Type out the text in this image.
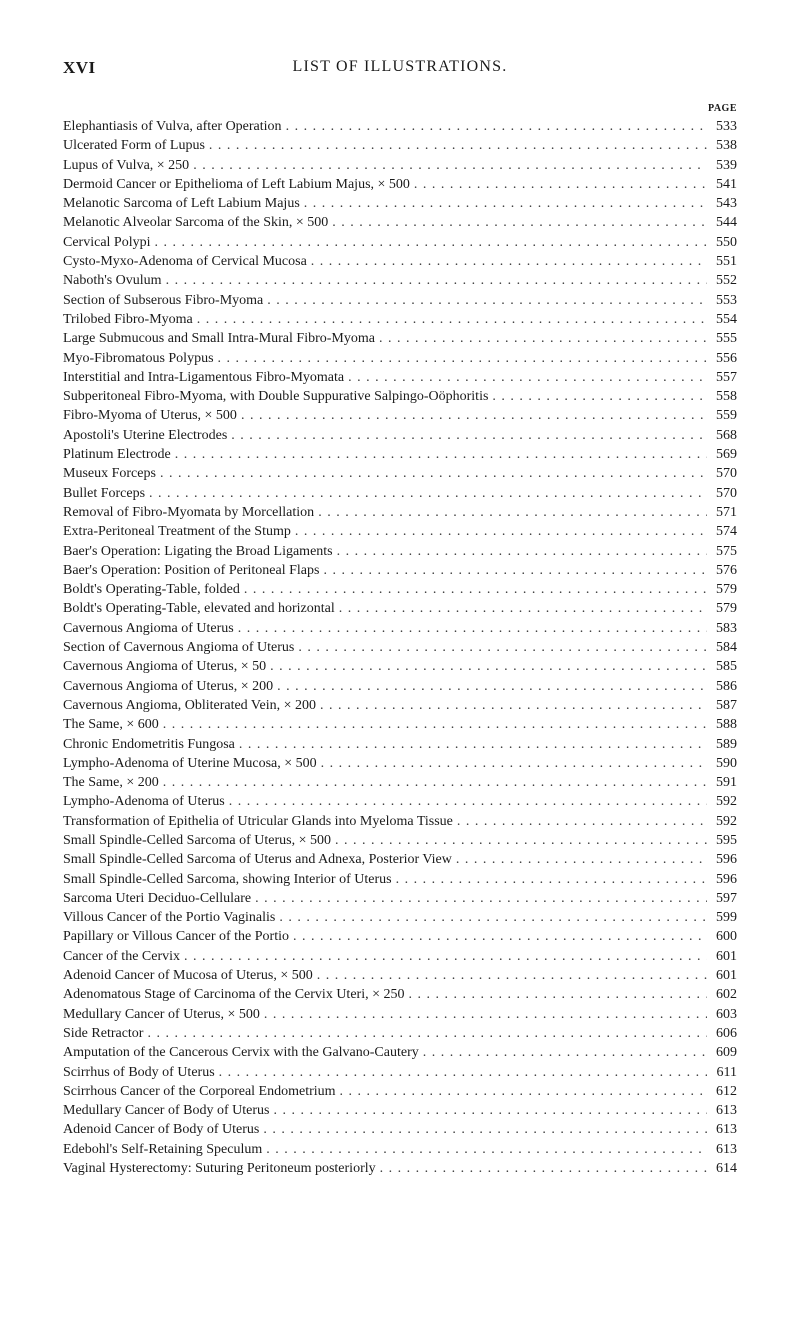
XVI	LIST OF ILLUSTRATIONS.
PAGE
Elephantiasis of Vulva, after Operation . . .	533
Ulcerated Form of Lupus . . .	538
Lupus of Vulva, × 250 . . .	539
Dermoid Cancer or Epithelioma of Left Labium Majus, × 500 . . .	541
Melanotic Sarcoma of Left Labium Majus . . .	543
Melanotic Alveolar Sarcoma of the Skin, × 500 . . .	544
Cervical Polypi . . .	550
Cysto-Myxo-Adenoma of Cervical Mucosa . . .	551
Naboth's Ovulum . . .	552
Section of Subserous Fibro-Myoma . . .	553
Trilobed Fibro-Myoma . . .	554
Large Submucous and Small Intra-Mural Fibro-Myoma . . .	555
Myo-Fibromatous Polypus . . .	556
Interstitial and Intra-Ligamentous Fibro-Myomata . . .	557
Subperitoneal Fibro-Myoma, with Double Suppurative Salpingo-Oöphoritis . . .	558
Fibro-Myoma of Uterus, × 500 . . .	559
Apostoli's Uterine Electrodes . . .	568
Platinum Electrode . . .	569
Museux Forceps . . .	570
Bullet Forceps . . .	570
Removal of Fibro-Myomata by Morcellation . . .	571
Extra-Peritoneal Treatment of the Stump . . .	574
Baer's Operation: Ligating the Broad Ligaments . . .	575
Baer's Operation: Position of Peritoneal Flaps . . .	576
Boldt's Operating-Table, folded . . .	579
Boldt's Operating-Table, elevated and horizontal . . .	579
Cavernous Angioma of Uterus . . .	583
Section of Cavernous Angioma of Uterus . . .	584
Cavernous Angioma of Uterus, × 50 . . .	585
Cavernous Angioma of Uterus, × 200 . . .	586
Cavernous Angioma, Obliterated Vein, × 200 . . .	587
The Same, × 600 . . .	588
Chronic Endometritis Fungosa . . .	589
Lympho-Adenoma of Uterine Mucosa, × 500 . . .	590
The Same, × 200 . . .	591
Lympho-Adenoma of Uterus . . .	592
Transformation of Epithelia of Utricular Glands into Myeloma Tissue . . .	592
Small Spindle-Celled Sarcoma of Uterus, × 500 . . .	595
Small Spindle-Celled Sarcoma of Uterus and Adnexa, Posterior View . . .	596
Small Spindle-Celled Sarcoma, showing Interior of Uterus . . .	596
Sarcoma Uteri Deciduo-Cellulare . . .	597
Villous Cancer of the Portio Vaginalis . . .	599
Papillary or Villous Cancer of the Portio . . .	600
Cancer of the Cervix . . .	601
Adenoid Cancer of Mucosa of Uterus, × 500 . . .	601
Adenomatous Stage of Carcinoma of the Cervix Uteri, × 250 . . .	602
Medullary Cancer of Uterus, × 500 . . .	603
Side Retractor . . .	606
Amputation of the Cancerous Cervix with the Galvano-Cautery . . .	609
Scirrhus of Body of Uterus . . .	611
Scirrhous Cancer of the Corporeal Endometrium . . .	612
Medullary Cancer of Body of Uterus . . .	613
Adenoid Cancer of Body of Uterus . . .	613
Edebohl's Self-Retaining Speculum . . .	613
Vaginal Hysterectomy: Suturing Peritoneum posteriorly . . .	614
